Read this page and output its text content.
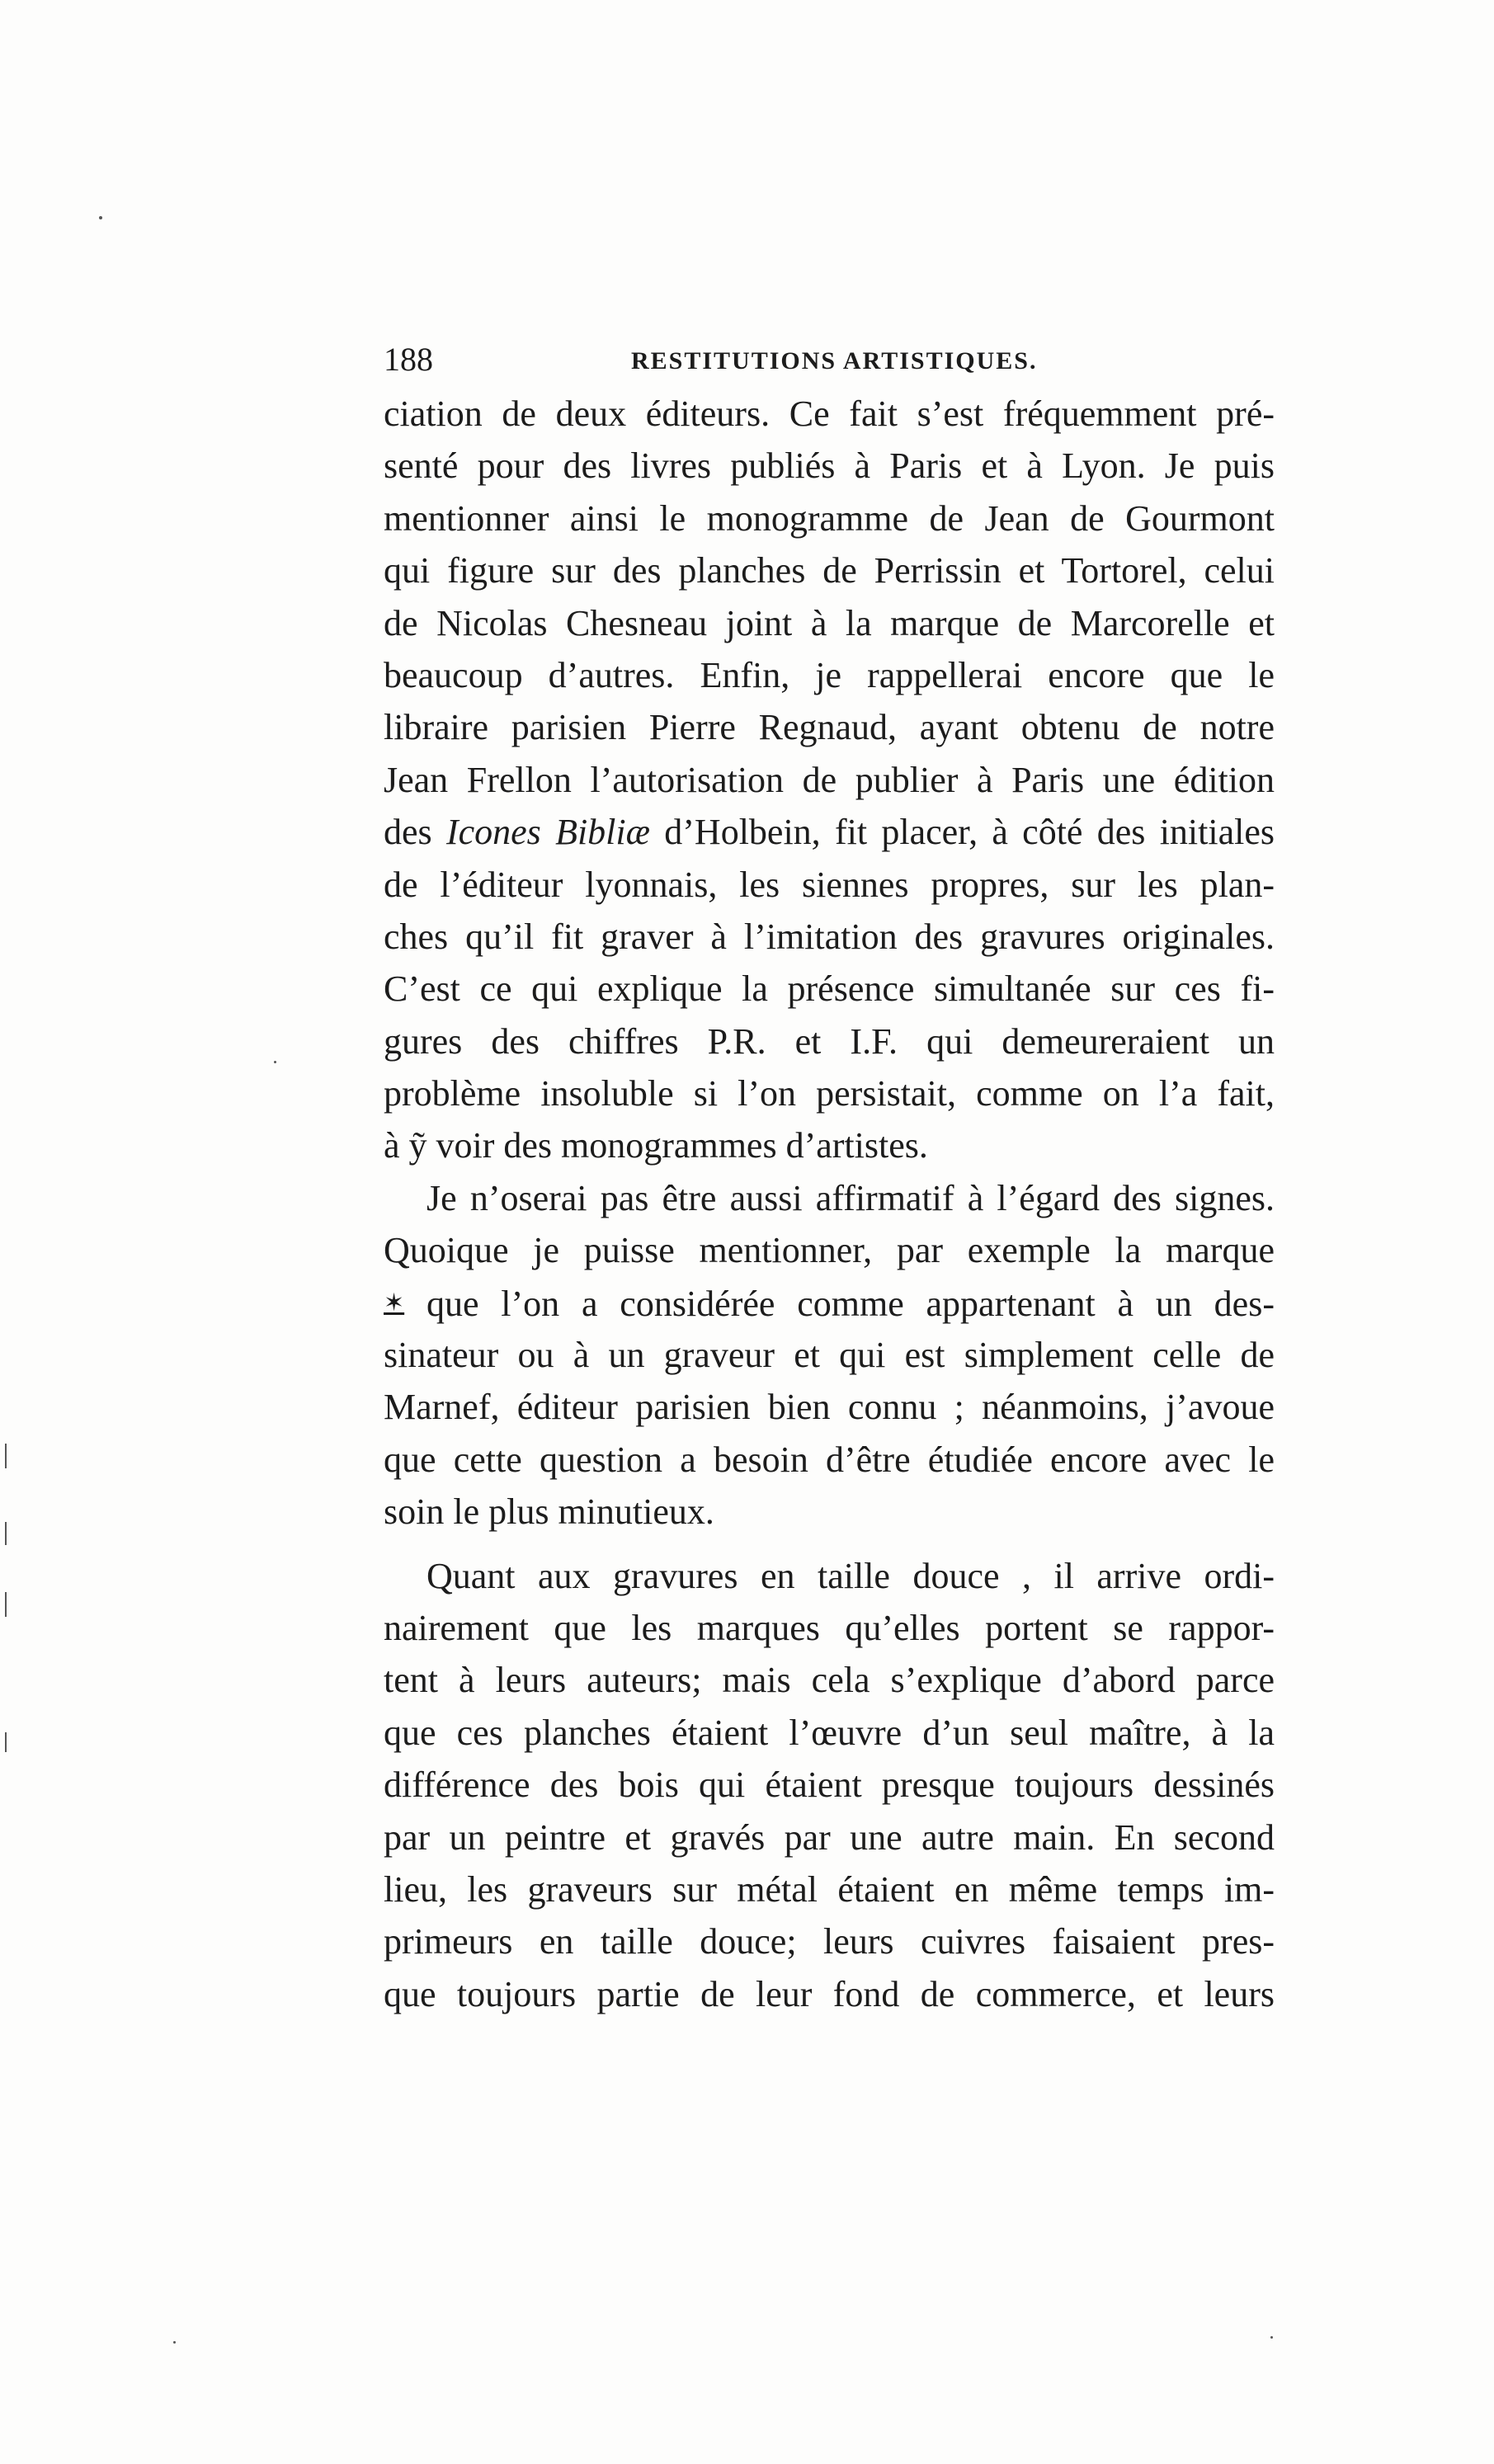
188	RESTITUTIONS ARTISTIQUES.
ciation de deux éditeurs. Ce fait s’est fréquemment pré-
senté pour des livres publiés à Paris et à Lyon. Je puis
mentionner ainsi le monogramme de Jean de Gourmont
qui figure sur des planches de Perrissin et Tortorel, celui
de Nicolas Chesneau joint à la marque de Marcorelle et
beaucoup d’autres. Enfin, je rappellerai encore que le
libraire parisien Pierre Regnaud, ayant obtenu de notre
Jean Frellon l’autorisation de publier à Paris une édition
des Icones Bibliæ d’Holbein, fit placer, à côté des initiales
de l’éditeur lyonnais, les siennes propres, sur les plan-
ches qu’il fit graver à l’imitation des gravures originales.
C’est ce qui explique la présence simultanée sur ces fi-
gures des chiffres P.R. et I.F. qui demeureraient un
problème insoluble si l’on persistait, comme on l’a fait,
à ỹ voir des monogrammes d’artistes.
Je n’oserai pas être aussi affirmatif à l’égard des signes.
Quoique je puisse mentionner, par exemple la marque
✶ que l’on a considérée comme appartenant à un des-
sinateur ou à un graveur et qui est simplement celle de
Marnef, éditeur parisien bien connu ; néanmoins, j’avoue
que cette question a besoin d’être étudiée encore avec le
soin le plus minutieux.
Quant aux gravures en taille douce , il arrive ordi-
nairement que les marques qu’elles portent se rappor-
tent à leurs auteurs; mais cela s’explique d’abord parce
que ces planches étaient l’œuvre d’un seul maître, à la
différence des bois qui étaient presque toujours dessinés
par un peintre et gravés par une autre main. En second
lieu, les graveurs sur métal étaient en même temps im-
primeurs en taille douce; leurs cuivres faisaient pres-
que toujours partie de leur fond de commerce, et leurs
